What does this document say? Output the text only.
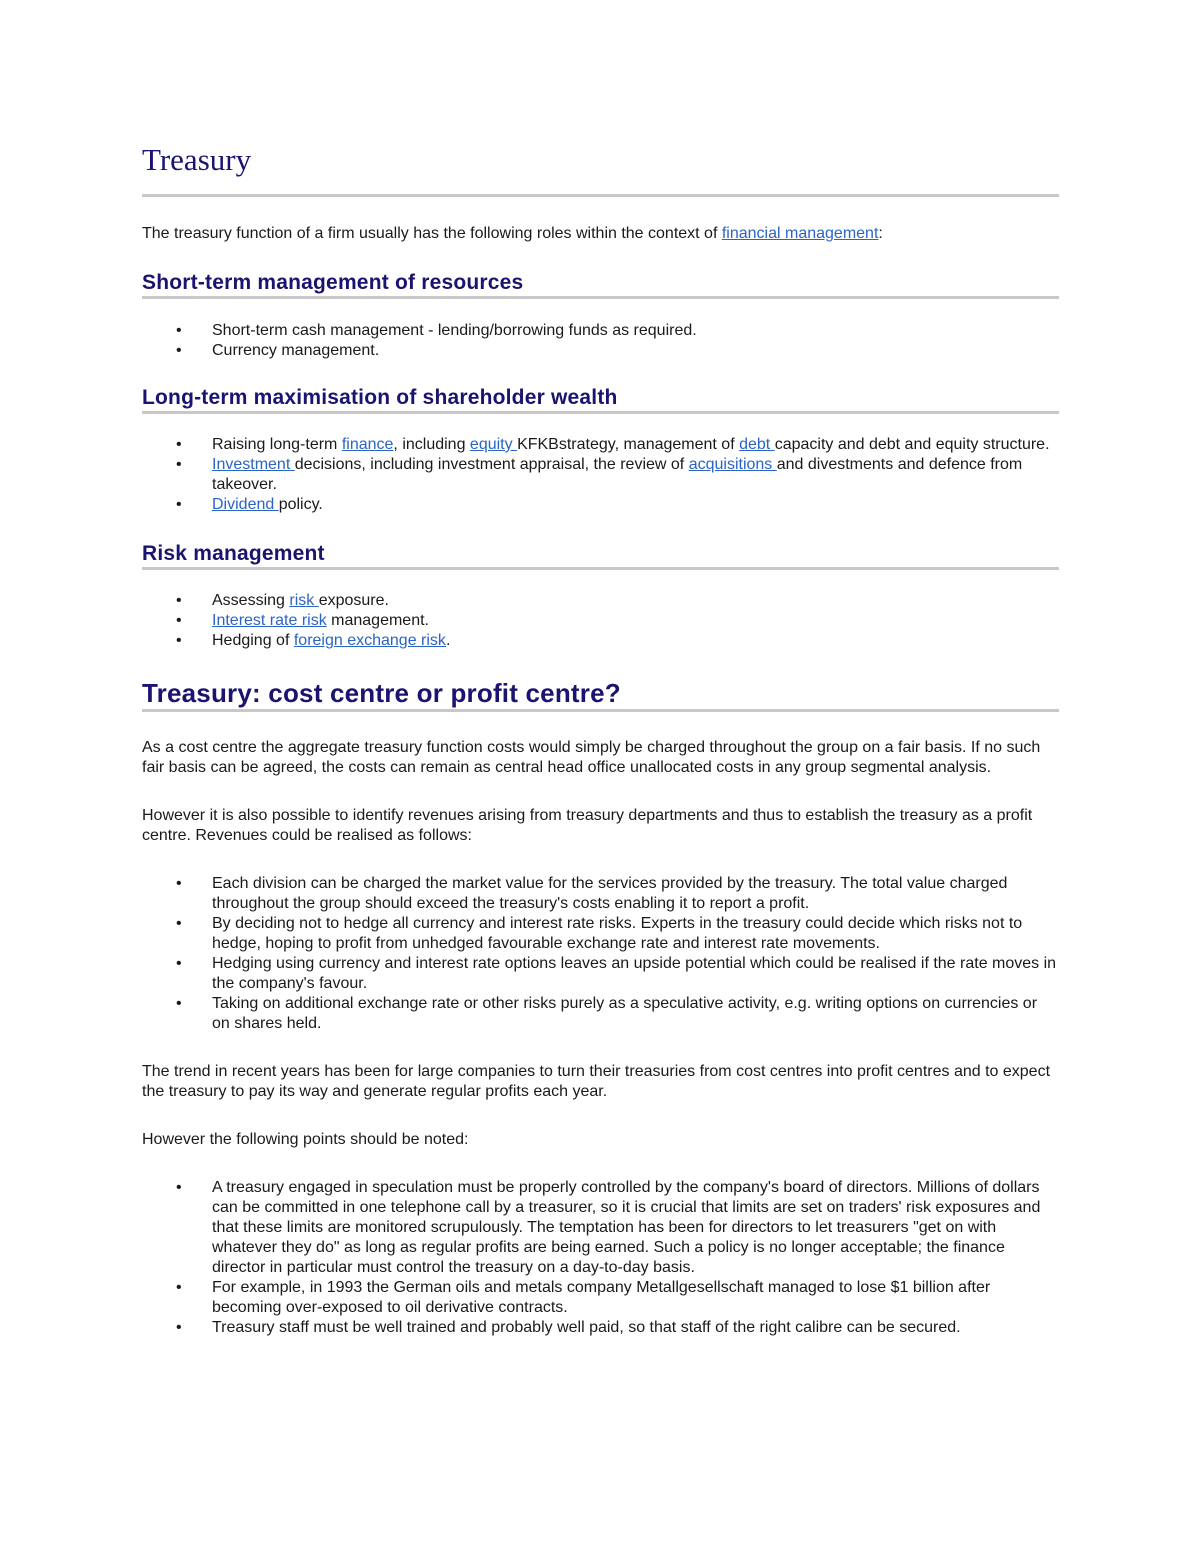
Treasury

The treasury function of a firm usually has the following roles within the context of financial management:

Short-term management of resources
• Short-term cash management - lending/borrowing funds as required.
• Currency management.
Long-term maximisation of shareholder wealth
• Raising long-term finance, including equity KFKBstrategy, management of debt capacity and debt and equity structure.
• Investment decisions, including investment appraisal, the review of acquisitions and divestments and defence from takeover.
• Dividend policy.
Risk management
• Assessing risk exposure.
• Interest rate risk management.
• Hedging of foreign exchange risk.
Treasury: cost centre or profit centre?

As a cost centre the aggregate treasury function costs would simply be charged throughout the group on a fair basis. If no such fair basis can be agreed, the costs can remain as central head office unallocated costs in any group segmental analysis.

However it is also possible to identify revenues arising from treasury departments and thus to establish the treasury as a profit centre. Revenues could be realised as follows:

• Each division can be charged the market value for the services provided by the treasury. The total value charged throughout the group should exceed the treasury's costs enabling it to report a profit.
• By deciding not to hedge all currency and interest rate risks. Experts in the treasury could decide which risks not to hedge, hoping to profit from unhedged favourable exchange rate and interest rate movements.
• Hedging using currency and interest rate options leaves an upside potential which could be realised if the rate moves in the company's favour.
• Taking on additional exchange rate or other risks purely as a speculative activity, e.g. writing options on currencies or on shares held.

The trend in recent years has been for large companies to turn their treasuries from cost centres into profit centres and to expect the treasury to pay its way and generate regular profits each year.

However the following points should be noted:

• A treasury engaged in speculation must be properly controlled by the company's board of directors. Millions of dollars can be committed in one telephone call by a treasurer, so it is crucial that limits are set on traders' risk exposures and that these limits are monitored scrupulously. The temptation has been for directors to let treasurers "get on with whatever they do" as long as regular profits are being earned. Such a policy is no longer acceptable; the finance director in particular must control the treasury on a day-to-day basis.
• For example, in 1993 the German oils and metals company Metallgesellschaft managed to lose $1 billion after becoming over-exposed to oil derivative contracts.
• Treasury staff must be well trained and probably well paid, so that staff of the right calibre can be secured.
